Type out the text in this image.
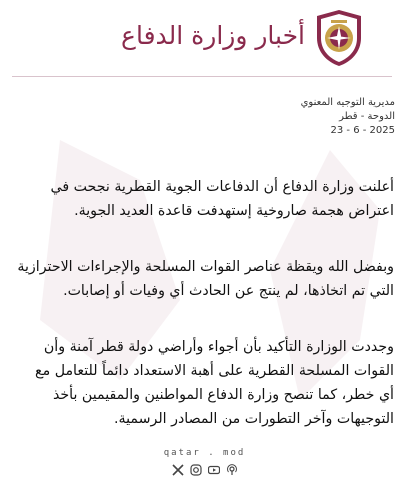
أخبار وزارة الدفاع
مديرية التوجيه المعنوي
الدوحة - قطر
2025 - 6 - 23

أعلنت وزارة الدفاع أن الدفاعات الجوية القطرية نجحت في اعتراض هجمة صاروخية إستهدفت قاعدة العديد الجوية.

وبفضل الله ويقظة عناصر القوات المسلحة والإجراءات الاحترازية التي تم اتخاذها، لم ينتج عن الحادث أي وفيات أو إصابات.

وجددت الوزارة التأكيد بأن أجواء وأراضي دولة قطر آمنة وأن القوات المسلحة القطرية على أهبة الاستعداد دائماً للتعامل مع أي خطر، كما تنصح وزارة الدفاع المواطنين والمقيمين بأخذ التوجيهات وآخر التطورات من المصادر الرسمية.

qatar . mod
